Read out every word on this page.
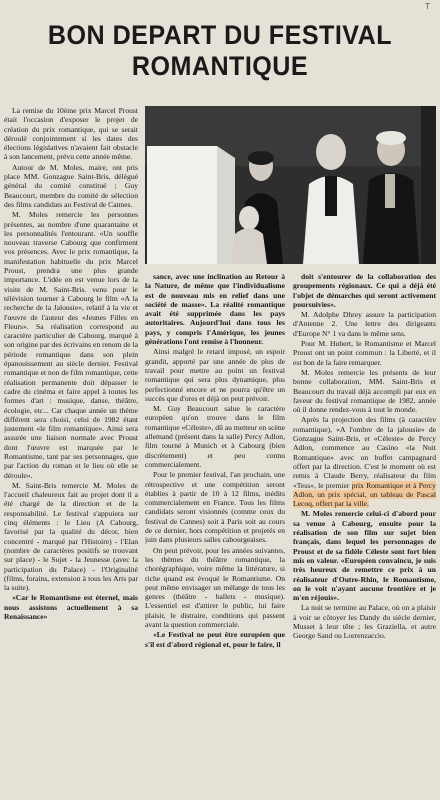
T
BON DEPART DU FESTIVAL
ROMANTIQUE

La remise du 10ème prix Marcel Proust était l'occasion d'exposer le projet de création du prix romantique, qui se serait déroulé conjointement si les dates des élections législatives n'avaient fait obstacle à son lancement, prévu cette année même.

Autour de M. Moles, maire, ont pris place MM. Gonzague Saint-Bris, délégué général du comité constitué ; Guy Beaucourt, membre du comité de sélection des films candidats au Festival de Cannes.

M. Moles remercie les personnes présentes, au nombre d'une quarantaine et les personnalités l'entourant. «Un souffle nouveau traverse Cabourg que confirment vos présences. Avec le prix romantique, la manifestation habituelle du prix Marcel Proust, prendra une plus grande importance. L'idée en est venue lors de la visite de M. Saint-Bris. venu pour le télévision tourner à Cabourg le film «A la recherche de la Jalousie», relatif à la vie et l'œuvre de l'auteur des «Jeunes Filles en Fleurs». Sa réalisation correspond au caractère particulier de Cabourg, marqué à son origine par des écrivains en renom de la période romantique dans son plein épanouissement au siècle dernier. Festival romantique et non de film romantique, cette réalisation permanente doit dépasser le cadre du cinéma et faire appel à toutes les formes d'art : musique, danse, théâtre, écologie, etc... Car chaque année un thème différent sera choisi, celui de 1982 étant justement «le film romantique». Ainsi sera assurée une liaison normale avec Proust dont l'œuvre est marquée par le Romantisme, tant par ses personnages, que par l'action du roman et le lieu où elle se déroule».

M. Saint-Bris remercie M. Moles de l'accueil chaleureux fait au projet dont il a été chargé de la direction et de la responsabilité. Le festival s'appuiera sur cinq éléments : le Lieu (A Cabourg, favorisé par la qualité du décor, bien concentré - marqué par l'Histoire) - l'Elan (nombre de caractères positifs se trouvant sur place) - le Sujet - la Jeunesse (avec la participation du Palace) - l'Originalité (films, forains, extension à tous les Arts par la suite).

«Car le Romantisme est éternel, mais nous assistons actuellement à sa Renaissance»

sance, avec une inclination au Retour à la Nature, de même que l'individualisme est de nouveau mis en relief dans une société de masse». La réalité romantique avait été supprimée dans les pays autoritaires. Aujourd'hui dans tous les pays, y compris l'Amérique, les jeunes générations l'ont remise à l'honneur.

Ainsi malgré le retard imposé, un espoir grandit, apporté par une année de plus de travail pour mettre au point un festival romantique qui sera plus dynamique, plus perfectionné encore et ne pourra qu'être un succès que d'ores et déjà on peut prévoir.

M. Guy Beaucourt salue le caractère européen qu'on trouve dans le film romantique «Céleste», dû au metteur en scène allemand (présent dans la salle) Percy Adlon, film tourné à Munich et à Cabourg (bien discrètement) et peu connu commercialement.

Pour le premier festival, l'an prochain, une rétrospective et une compétition seront établies à partir de 10 à 12 films, inédits commercialement en France. Tous les films candidats seront visionnés (comme ceux du festival de Cannes) soit à Paris soit au cours de ce dernier, hors compétition et projetés en juin dans plusieurs salles cabourgeaises.

On peut prévoir, pour les années suivantes, les thèmes du théâtre romantique, la chorégraphique, voire même la littérature, si riche quand est évoqué le Romantisme. On peut même envisager un mélange de tous les genres (théâtre - ballets - musique). L'essentiel est d'attirer le public, lui faire plaisir, le distraire, conditions qui passent avant la question commerciale.

«Le Festival ne peut être européen que s'il est d'abord régional et, pour le faire, il

doit s'entourer de la collaboration des groupements régionaux. Ce qui a déjà été l'objet de démarches qui seront activement poursuivies».

M. Adolphe Dhrey assure la participation d'Antenne 2. Une lettre des dirigeants d'Europe N° 1 va dans le même sens.

Pour M. Hubert, le Romantisme et Marcel Proust ont un point commun : la Liberté, et il est bon de la faire remarquer.

M. Moles remercie les présents de leur bonne collaboration, MM. Saint-Bris et Beaucourt du travail déjà accompli par eux en faveur du festival romantique de 1982, année où il donne rendez-vous à tout le monde.

Après la projection des films (à caractère romantique), «A l'ombre de la jalousie» de Gonzague Saint-Bris, et «Céleste» de Percy Adlon, commence au Casino «la Nuit Romantique» avec un buffet campagnard offert par la direction. C'est le moment où est remis à Claude Berry, réalisateur du film «Tess», le premier prix Romantique et à Percy Adlon, un prix spécial, un tableau de Pascal Lecoq, offert par la ville.

M. Moles remercie celui-ci d'abord pour sa venue à Cabourg, ensuite pour la réalisation de son film sur sujet bien français, dans lequel les personnages de Proust et de sa fidèle Céleste sont fort bien mis en valeur. «Européen convaincu, je suis très heureux de remettre ce prix à un réalisateur d'Outre-Rhin, le Romantisme, on le voit n'ayant aucune frontière et je m'en réjouis».

La nuit se termine au Palace, où on a plaisir à voir se côtoyer les Dandy du siècle dernier, Musset à leur tête ; les Graziella, et autre George Sand ou Lorrenzaccio.
